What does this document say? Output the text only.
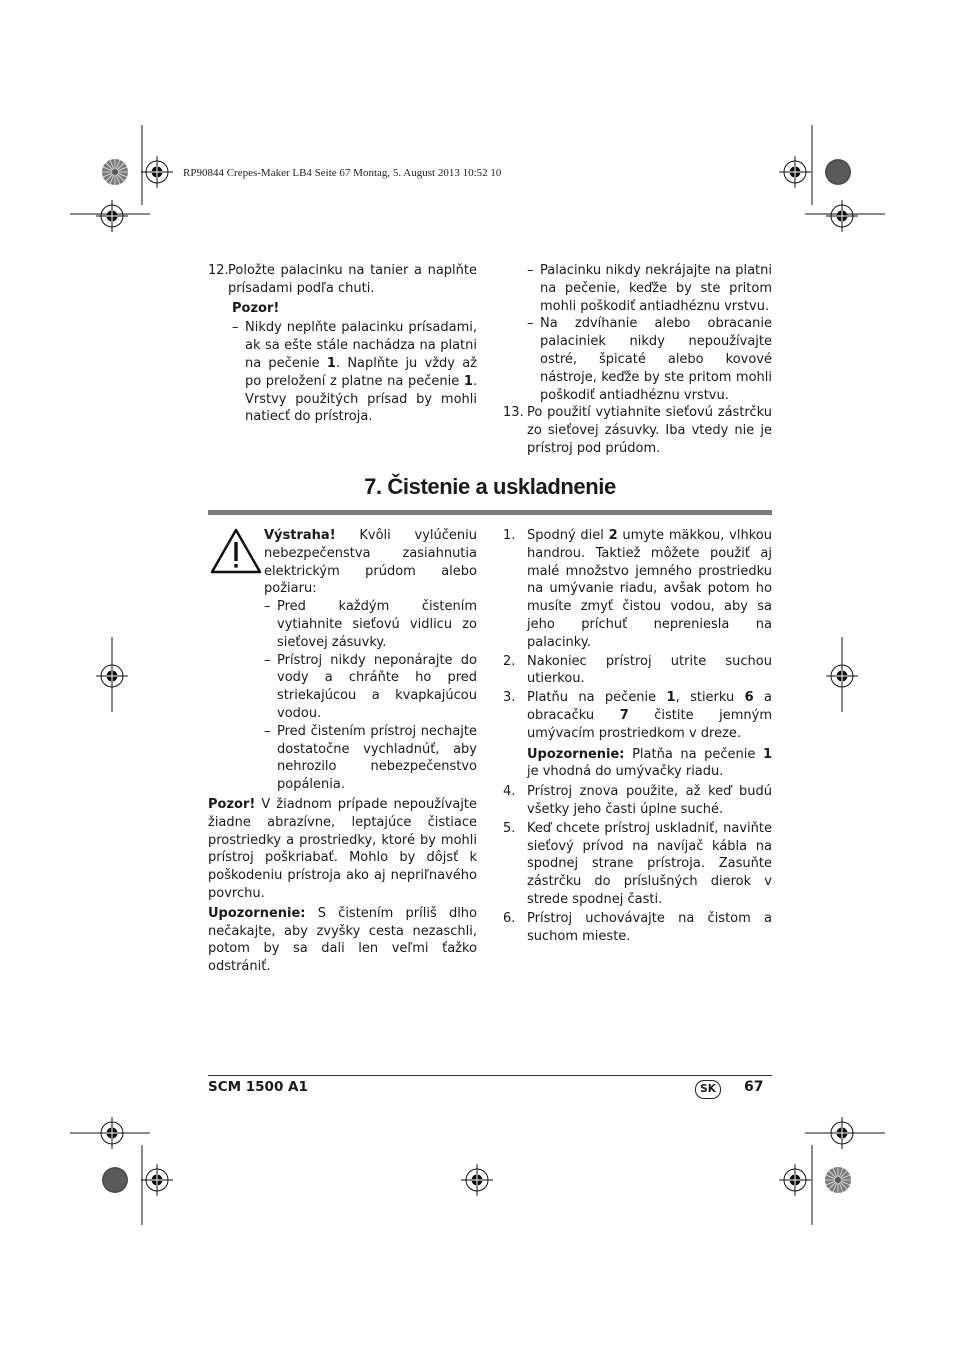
RP90844 Crepes-Maker LB4 Seite 67 Montag, 5. August 2013 10:52 10
12. Položte palacinku na tanier a naplňte prísadami podľa chuti.
Pozor!
– Nikdy neplňte palacinku prísadami, ak sa ešte stále nachádza na platni na pečenie 1. Naplňte ju vždy až po preložení z platne na pečenie 1. Vrstvy použitých prísad by mohli natiecť do prístroja.
– Palacinku nikdy nekrájajte na platni na pečenie, keďže by ste pritom mohli poškodiť antiadhéznu vrstvu.
– Na zdvíhanie alebo obracanie palaciniek nikdy nepoužívajte ostré, špicaté alebo kovové nástroje, keďže by ste pritom mohli poškodiť antiadhéznu vrstvu.
13. Po použití vytiahnite sieťovú zástrčku zo sieťovej zásuvky. Iba vtedy nie je prístroj pod prúdom.
7. Čistenie a uskladnenie
Výstraha! Kvôli vylúčeniu nebezpečenstva zasiahnutia elektrickým prúdom alebo požiaru:
– Pred každým čistením vytiahnite sieťovú vidlicu zo sieťovej zásuvky.
– Prístroj nikdy neponárajte do vody a chráňte ho pred striekajúcou a kvapkajúcou vodou.
– Pred čistením prístroj nechajte dostatočne vychladnúť, aby nehrozilo nebezpečenstvo popálenia.
Pozor! V žiadnom prípade nepoužívajte žiadne abrazívne, leptajúce čistiace prostriedky a prostriedky, ktoré by mohli prístroj poškriabať. Mohlo by dôjsť k poškodeniu prístroja ako aj nepriľnavého povrchu.
Upozornenie: S čistením príliš dlho nečakajte, aby zvyšky cesta nezaschli, potom by sa dali len veľmi ťažko odstrániť.
1. Spodný diel 2 umyte mäkkou, vlhkou handrou. Taktiež môžete použiť aj malé množstvo jemného prostriedku na umývanie riadu, avšak potom ho musíte zmyť čistou vodou, aby sa jeho príchuť nepreniesla na palacinky.
2. Nakoniec prístroj utrite suchou utierkou.
3. Platňu na pečenie 1, stierku 6 a obracačku 7 čistite jemným umývacím prostriedkom v dreze.
Upozornenie: Platňa na pečenie 1 je vhodná do umývačky riadu.
4. Prístroj znova použite, až keď budú všetky jeho časti úplne suché.
5. Keď chcete prístroj uskladniť, naviňte sieťový prívod na navíjač kábla na spodnej strane prístroja. Zasuňte zástrčku do príslušných dierok v strede spodnej časti.
6. Prístroj uchovávajte na čistom a suchom mieste.
SCM 1500 A1	SK	67
